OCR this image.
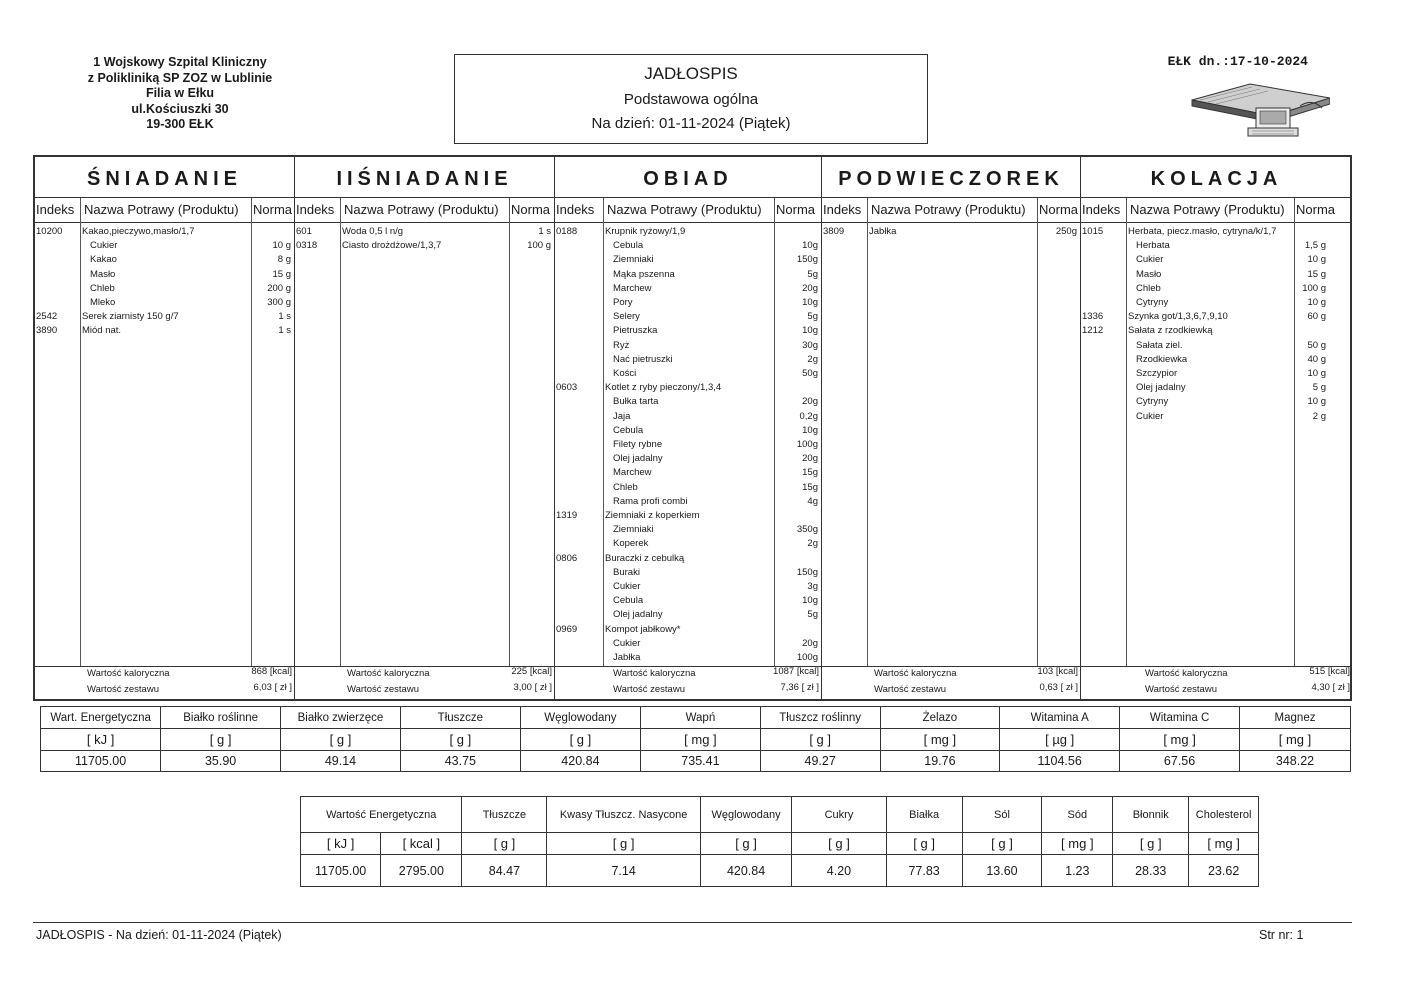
1 Wojskowy Szpital Kliniczny
z Polikliniką SP ZOZ w Lublinie
Filia w Ełku
ul.Kościuszki 30
19-300 EŁK
JADŁOSPIS
Podstawowa ogólna
Na dzień: 01-11-2024 (Piątek)
EŁK dn.:17-10-2024
ŚNIADANIE
Indeks Nazwa Potrawy (Produktu) Norma
10200 Kakao,pieczywo,masło/1,7
Cukier	10 g
Kakao	8 g
Masło	15 g
Chleb	200 g
Mleko	300 g
2542	Serek ziarnisty 150 g/7	1 s
3890	Miód nat.	1 s
Wartość kaloryczna
Wartość zestawu
868 [kcal]
6,03 [ zł ]
IIŚNIADANIE
Indeks Nazwa Potrawy (Produktu) Norma
601	Woda 0,5 l n/g	1 s
0318	Ciasto drożdżowe/1,3,7	100 g
Wartość kaloryczna
Wartość zestawu
225 [kcal]
3,00 [ zł ]
OBIAD
Indeks Nazwa Potrawy (Produktu) Norma
0188	Krupnik ryżowy/1,9
Cebula	10g
Ziemniaki	150g
Mąka pszenna	5g
Marchew	20g
Pory	10g
Selery	5g
Pietruszka	10g
Ryż	30g
Nać pietruszki	2g
Kości	50g
0603	Kotlet z ryby pieczony/1,3,4
Bułka tarta	20g
Jaja	0,2g
Cebula	10g
Filety rybne	100g
Olej jadalny	20g
Marchew	15g
Chleb	15g
Rama profi combi	4g
1319	Ziemniaki z koperkiem
Ziemniaki	350g
Koperek	2g
0806	Buraczki z cebulką
Buraki	150g
Cukier	3g
Cebula	10g
Olej jadalny	5g
0969	Kompot jabłkowy*
Cukier	20g
Jabłka	100g
Wartość kaloryczna
Wartość zestawu
1087 [kcal]
7,36 [ zł ]
PODWIECZOREK
Indeks Nazwa Potrawy (Produktu) Norma
3809	Jabłka	250g
Wartość kaloryczna
Wartość zestawu
103 [kcal]
0,63 [ zł ]
KOLACJA
Indeks Nazwa Potrawy (Produktu) Norma
1015	Herbata, piecz.masło, cytryna/k/1,7
Herbata	1,5 g
Cukier	10 g
Masło	15 g
Chleb	100 g
Cytryny	10 g
1336	Szynka got/1,3,6,7,9,10	60 g
1212	Sałata z rzodkiewką
Sałata ziel.	50 g
Rzodkiewka	40 g
Szczypior	10 g
Olej jadalny	5 g
Cytryny	10 g
Cukier	2 g
Wartość kaloryczna
Wartość zestawu
515 [kcal]
4,30 [ zł ]
Wart. Energetyczna	Białko roślinne	Białko zwierzęce	Tłuszcze	Węglowodany	Wapń	Tłuszcz roślinny	Żelazo	Witamina A	Witamina C	Magnez
[ kJ ]	[ g ]	[ g ]	[ g ]	[ g ]	[ mg ]	[ g ]	[ mg ]	[ µg ]	[ mg ]	[ mg ]
11705.00	35.90	49.14	43.75	420.84	735.41	49.27	19.76	1104.56	67.56	348.22
Wartość Energetyczna		Tłuszcze	Kwasy Tłuszcz. Nasycone	Węglowodany	Cukry	Białka	Sól	Sód	Błonnik	Cholesterol
[ kJ ]	[ kcal ]	[ g ]	[ g ]	[ g ]	[ g ]	[ g ]	[ g ]	[ mg ]	[ g ]	[ mg ]
11705.00	2795.00	84.47	7.14	420.84	4.20	77.83	13.60	1.23	28.33	23.62
JADŁOSPIS - Na dzień: 01-11-2024 (Piątek)	Str nr: 1
